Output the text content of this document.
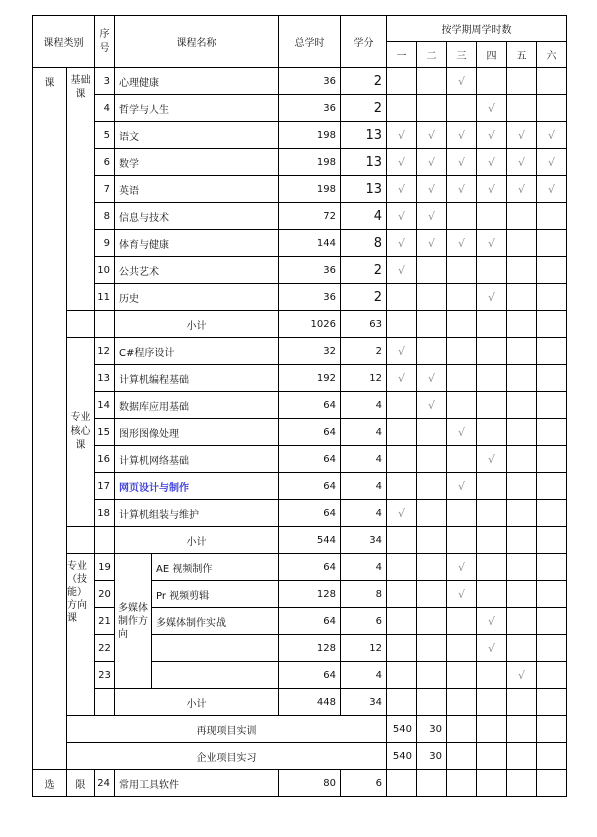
课程类别		序号	课程名称		总学时	学分	按学期周学时数						
							一	二	三	四	五	六	
课	基础课	3	心理健康		36	2			√				
		4	哲学与人生		36	2				√			
		5	语文		198	13	√	√	√	√	√	√	
		6	数学		198	13	√	√	√	√	√	√	
		7	英语		198	13	√	√	√	√	√	√	
		8	信息与技术		72	4	√	√					
		9	体育与健康		144	8	√	√	√	√			
		10	公共艺术		36	2	√						
		11	历史		36	2				√			
			小计		1026	63							
	专业核心课	12	C#程序设计		32	2	√						
		13	计算机编程基础		192	12	√	√					
		14	数据库应用基础		64	4		√					
		15	图形图像处理		64	4			√				
		16	计算机网络基础		64	4				√			
		17	网页设计与制作		64	4			√				
		18	计算机组装与维护		64	4	√						
			小计		544	34							
	专业（技能）方向课	19	多媒体制作方向	AE 视频制作	64	4			√				
		20		Pr 视频剪辑	128	8			√				
		21		多媒体制作实战	64	6				√			
		22			128	12				√			
		23			64	4					√		
			小计		448	34							
	再现项目实训						540	30						
	企业项目实习						540	30						
选	限	24	常用工具软件		80	6							
